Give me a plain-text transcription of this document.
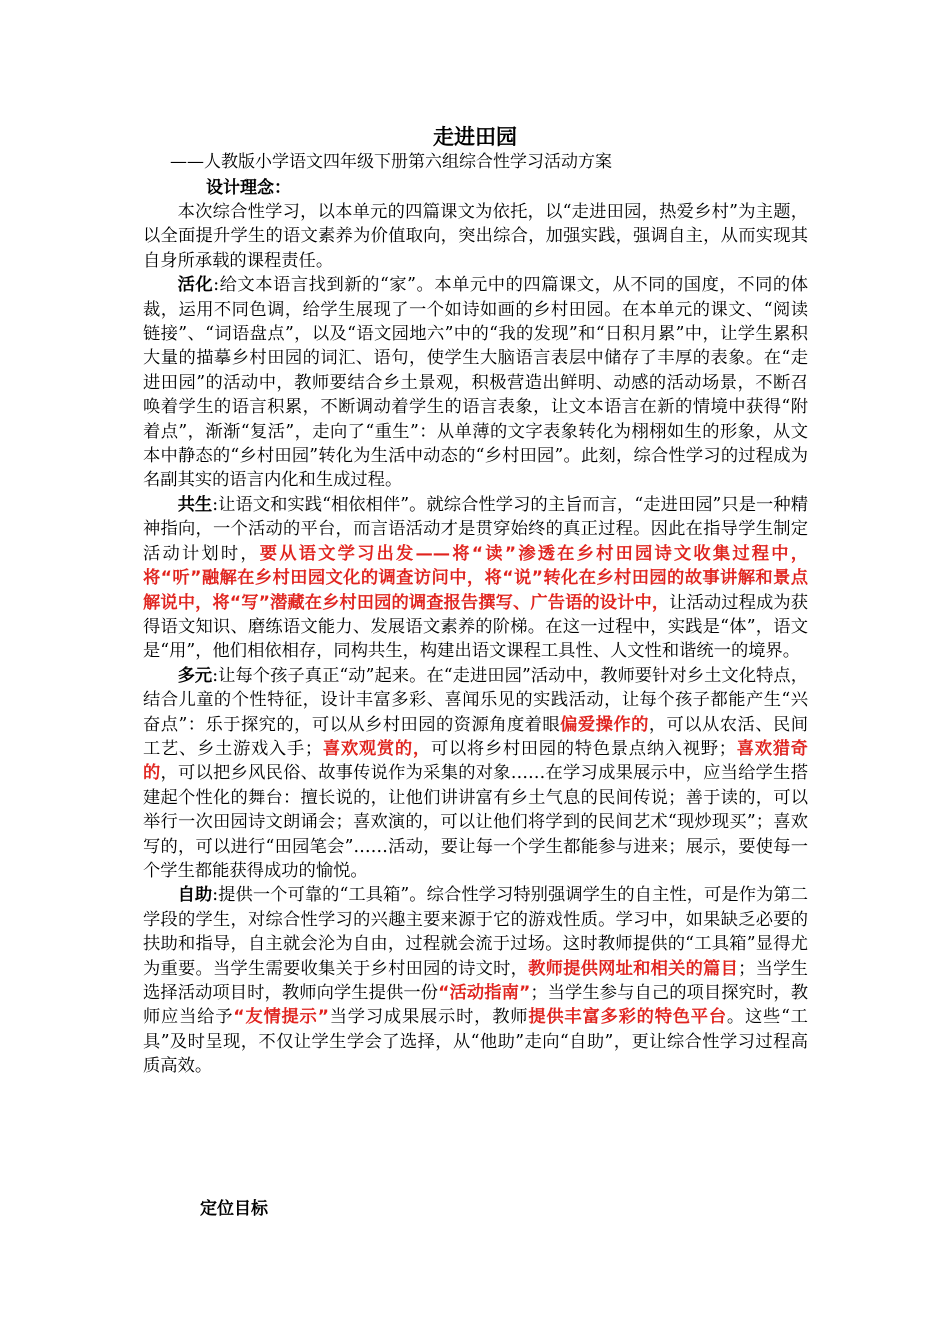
走进田园
——人教版小学语文四年级下册第六组综合性学习活动方案
设计理念：

本次综合性学习，以本单元的四篇课文为依托，以“走进田园，热爱乡村”为主题，以全面提升学生的语文素养为价值取向，突出综合，加强实践，强调自主，从而实现其自身所承载的课程责任。

活化:给文本语言找到新的“家”。本单元中的四篇课文，从不同的国度，不同的体裁，运用不同色调，给学生展现了一个如诗如画的乡村田园。在本单元的课文、“阅读链接”、“词语盘点”，以及“语文园地六”中的“我的发现”和“日积月累”中，让学生累积大量的描摹乡村田园的词汇、语句，使学生大脑语言表层中储存了丰厚的表象。在“走进田园”的活动中，教师要结合乡土景观，积极营造出鲜明、动感的活动场景，不断召唤着学生的语言积累，不断调动着学生的语言表象，让文本语言在新的情境中获得“附着点”，渐渐“复活”，走向了“重生”：从单薄的文字表象转化为栩栩如生的形象，从文本中静态的“乡村田园”转化为生活中动态的“乡村田园”。此刻，综合性学习的过程成为名副其实的语言内化和生成过程。

共生:让语文和实践“相依相伴”。就综合性学习的主旨而言，“走进田园”只是一种精神指向，一个活动的平台，而言语活动才是贯穿始终的真正过程。因此在指导学生制定活动计划时，要从语文学习出发——将“读”渗透在乡村田园诗文收集过程中，将“听”融解在乡村田园文化的调查访问中，将“说”转化在乡村田园的故事讲解和景点解说中，将“写”潜藏在乡村田园的调查报告撰写、广告语的设计中，让活动过程成为获得语文知识、磨练语文能力、发展语文素养的阶梯。在这一过程中，实践是“体”，语文是“用”，他们相依相存，同构共生，构建出语文课程工具性、人文性和谐统一的境界。

多元:让每个孩子真正“动”起来。在“走进田园”活动中，教师要针对乡土文化特点，结合儿童的个性特征，设计丰富多彩、喜闻乐见的实践活动，让每个孩子都能产生“兴奋点”：乐于探究的，可以从乡村田园的资源角度着眼偏爱操作的，可以从农活、民间工艺、乡土游戏入手；喜欢观赏的，可以将乡村田园的特色景点纳入视野；喜欢猎奇的，可以把乡风民俗、故事传说作为采集的对象……在学习成果展示中，应当给学生搭建起个性化的舞台：擅长说的，让他们讲讲富有乡土气息的民间传说；善于读的，可以举行一次田园诗文朗诵会；喜欢演的，可以让他们将学到的民间艺术“现炒现买”；喜欢写的，可以进行“田园笔会”……活动，要让每一个学生都能参与进来；展示，要使每一个学生都能获得成功的愉悦。

自助:提供一个可靠的“工具箱”。综合性学习特别强调学生的自主性，可是作为第二学段的学生，对综合性学习的兴趣主要来源于它的游戏性质。学习中，如果缺乏必要的扶助和指导，自主就会沦为自由，过程就会流于过场。这时教师提供的“工具箱”显得尤为重要。当学生需要收集关于乡村田园的诗文时，教师提供网址和相关的篇目；当学生选择活动项目时，教师向学生提供一份“活动指南”；当学生参与自己的项目探究时，教师应当给予“友情提示”当学习成果展示时，教师提供丰富多彩的特色平台。这些“工具”及时呈现，不仅让学生学会了选择，从“他助”走向“自助”，更让综合性学习过程高质高效。

定位目标
